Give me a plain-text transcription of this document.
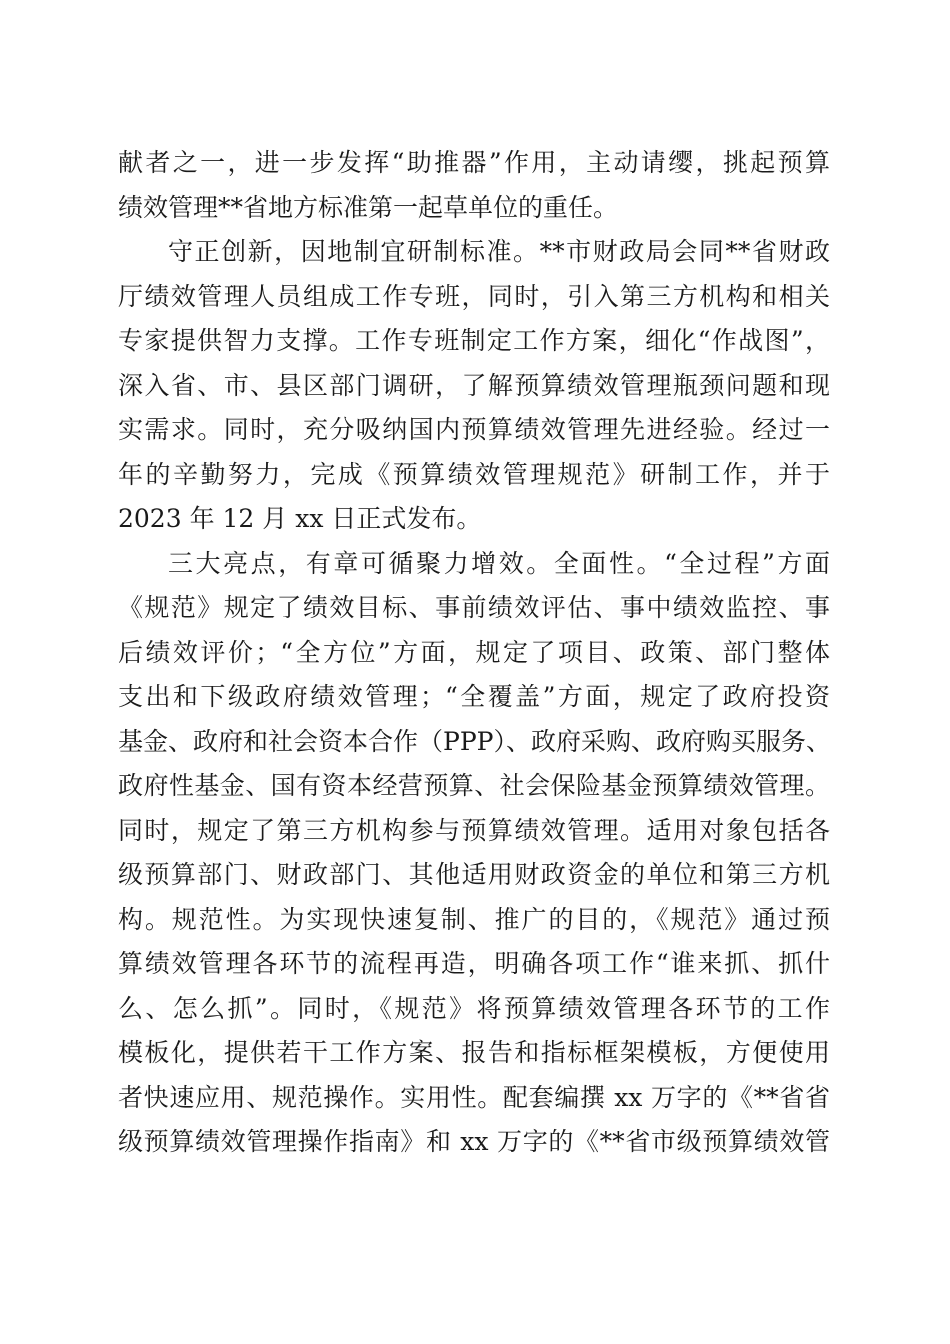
献者之一，进一步发挥“助推器”作用，主动请缨，挑起预算
绩效管理**省地方标准第一起草单位的重任。
守正创新，因地制宜研制标准。**市财政局会同**省财政
厅绩效管理人员组成工作专班，同时，引入第三方机构和相关
专家提供智力支撑。工作专班制定工作方案，细化“作战图”，
深入省、市、县区部门调研，了解预算绩效管理瓶颈问题和现
实需求。同时，充分吸纳国内预算绩效管理先进经验。经过一
年的辛勤努力，完成《预算绩效管理规范》研制工作，并于
2023 年 12 月 xx 日正式发布。
三大亮点，有章可循聚力增效。全面性。“全过程”方面
《规范》规定了绩效目标、事前绩效评估、事中绩效监控、事
后绩效评价；“全方位”方面，规定了项目、政策、部门整体
支出和下级政府绩效管理；“全覆盖”方面，规定了政府投资
基金、政府和社会资本合作（PPP）、政府采购、政府购买服务、
政府性基金、国有资本经营预算、社会保险基金预算绩效管理。
同时，规定了第三方机构参与预算绩效管理。适用对象包括各
级预算部门、财政部门、其他适用财政资金的单位和第三方机
构。规范性。为实现快速复制、推广的目的，《规范》通过预
算绩效管理各环节的流程再造，明确各项工作“谁来抓、抓什
么、怎么抓”。同时，《规范》将预算绩效管理各环节的工作
模板化，提供若干工作方案、报告和指标框架模板，方便使用
者快速应用、规范操作。实用性。配套编撰 xx 万字的《**省省
级预算绩效管理操作指南》和 xx 万字的《**省市级预算绩效管
